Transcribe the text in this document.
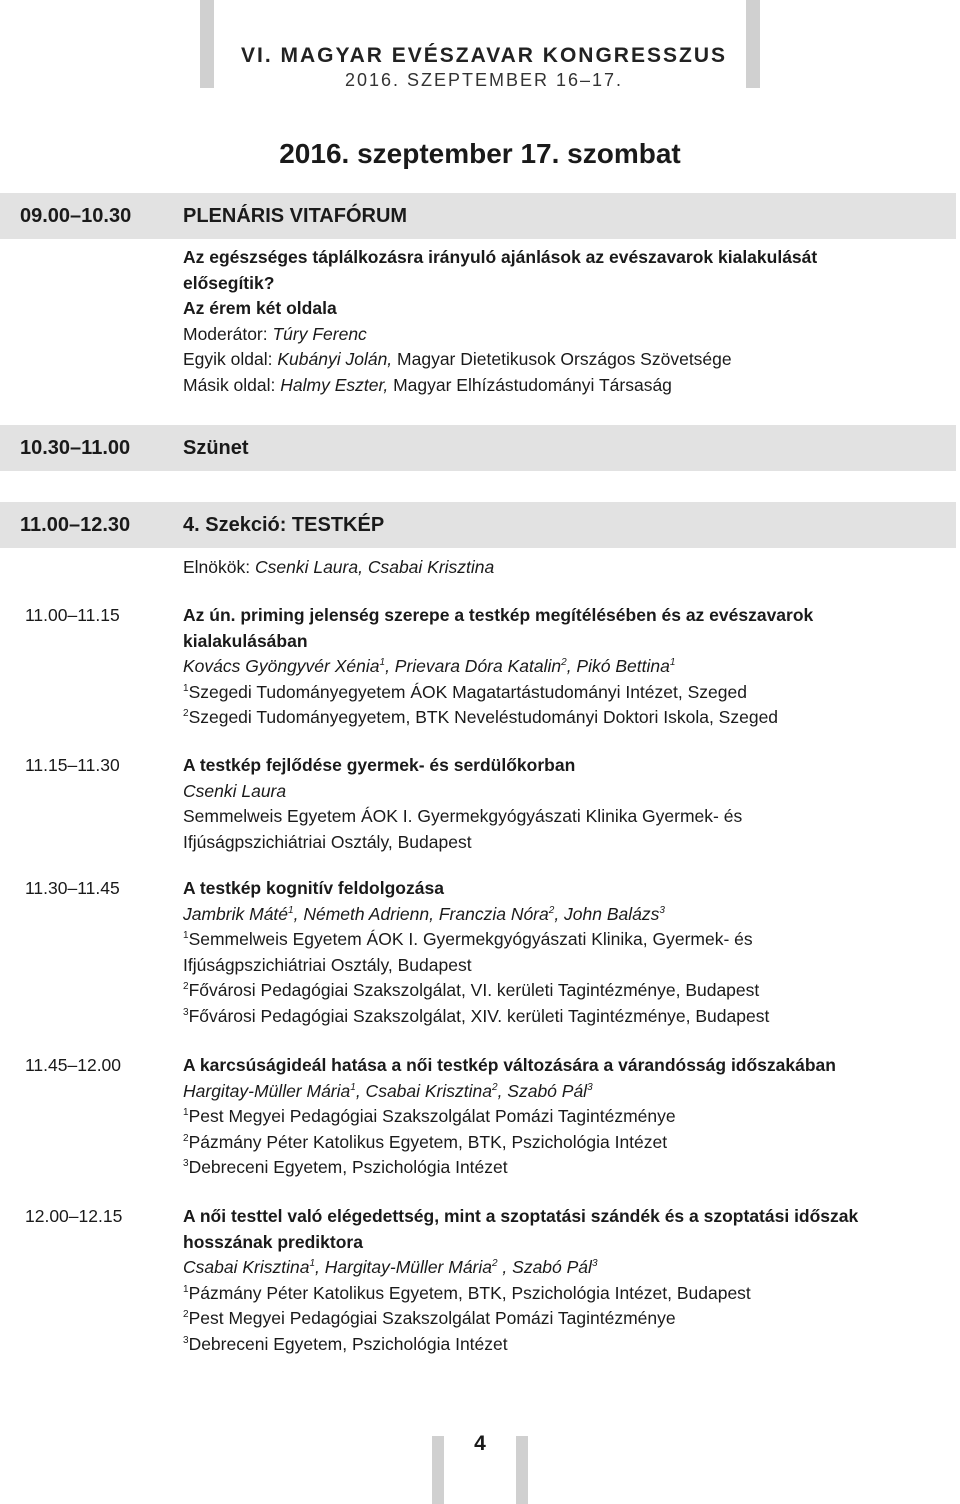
VI. MAGYAR EVÉSZAVAR KONGRESSZUS
2016. SZEPTEMBER 16–17.
2016. szeptember 17. szombat
09.00–10.30	PLENÁRIS VITAFÓRUM
Az egészséges táplálkozásra irányuló ajánlások az evészavarok kialakulását
elősegítik?
Az érem két oldala
Moderátor: Túry Ferenc
Egyik oldal: Kubányi Jolán, Magyar Dietetikusok Országos Szövetsége
Másik oldal: Halmy Eszter, Magyar Elhízástudományi Társaság
10.30–11.00	Szünet
11.00–12.30	4. Szekció: TESTKÉP
Elnökök: Csenki Laura, Csabai Krisztina
11.00–11.15	Az ún. priming jelenség szerepe a testkép megítélésében és az evészavarok
kialakulásában
Kovács Gyöngyvér Xénia$^1$, Prievara Dóra Katalin$^2$, Pikó Bettina$^1$
$^1$Szegedi Tudományegyetem ÁOK Magatartástudományi Intézet, Szeged
$^2$Szegedi Tudományegyetem, BTK Neveléstudományi Doktori Iskola, Szeged
11.15–11.30	A testkép fejlődése gyermek- és serdülőkorban
Csenki Laura
Semmelweis Egyetem ÁOK I. Gyermekgyógyászati Klinika Gyermek- és
Ifjúságpszichiátriai Osztály, Budapest
11.30–11.45	A testkép kognitív feldolgozása
Jambrik Máté$^1$, Németh Adrienn, Franczia Nóra$^2$, John Balázs$^3$
$^1$Semmelweis Egyetem ÁOK I. Gyermekgyógyászati Klinika, Gyermek- és
Ifjúságpszichiátriai Osztály, Budapest
$^2$Fővárosi Pedagógiai Szakszolgálat, VI. kerületi Tagintézménye, Budapest
$^3$Fővárosi Pedagógiai Szakszolgálat, XIV. kerületi Tagintézménye, Budapest
11.45–12.00	A karcsúságideál hatása a női testkép változására a várandósság időszakában
Hargitay-Müller Mária$^1$, Csabai Krisztina$^2$, Szabó Pál$^3$
$^1$Pest Megyei Pedagógiai Szakszolgálat Pomázi Tagintézménye
$^2$Pázmány Péter Katolikus Egyetem, BTK, Pszichológia Intézet
$^3$Debreceni Egyetem, Pszichológia Intézet
12.00–12.15	A női testtel való elégedettség, mint a szoptatási szándék és a szoptatási időszak
hosszának prediktora
Csabai Krisztina$^1$, Hargitay-Müller Mária$^2$ , Szabó Pál$^3$
$^1$Pázmány Péter Katolikus Egyetem, BTK, Pszichológia Intézet, Budapest
$^2$Pest Megyei Pedagógiai Szakszolgálat Pomázi Tagintézménye
$^3$Debreceni Egyetem, Pszichológia Intézet
4
